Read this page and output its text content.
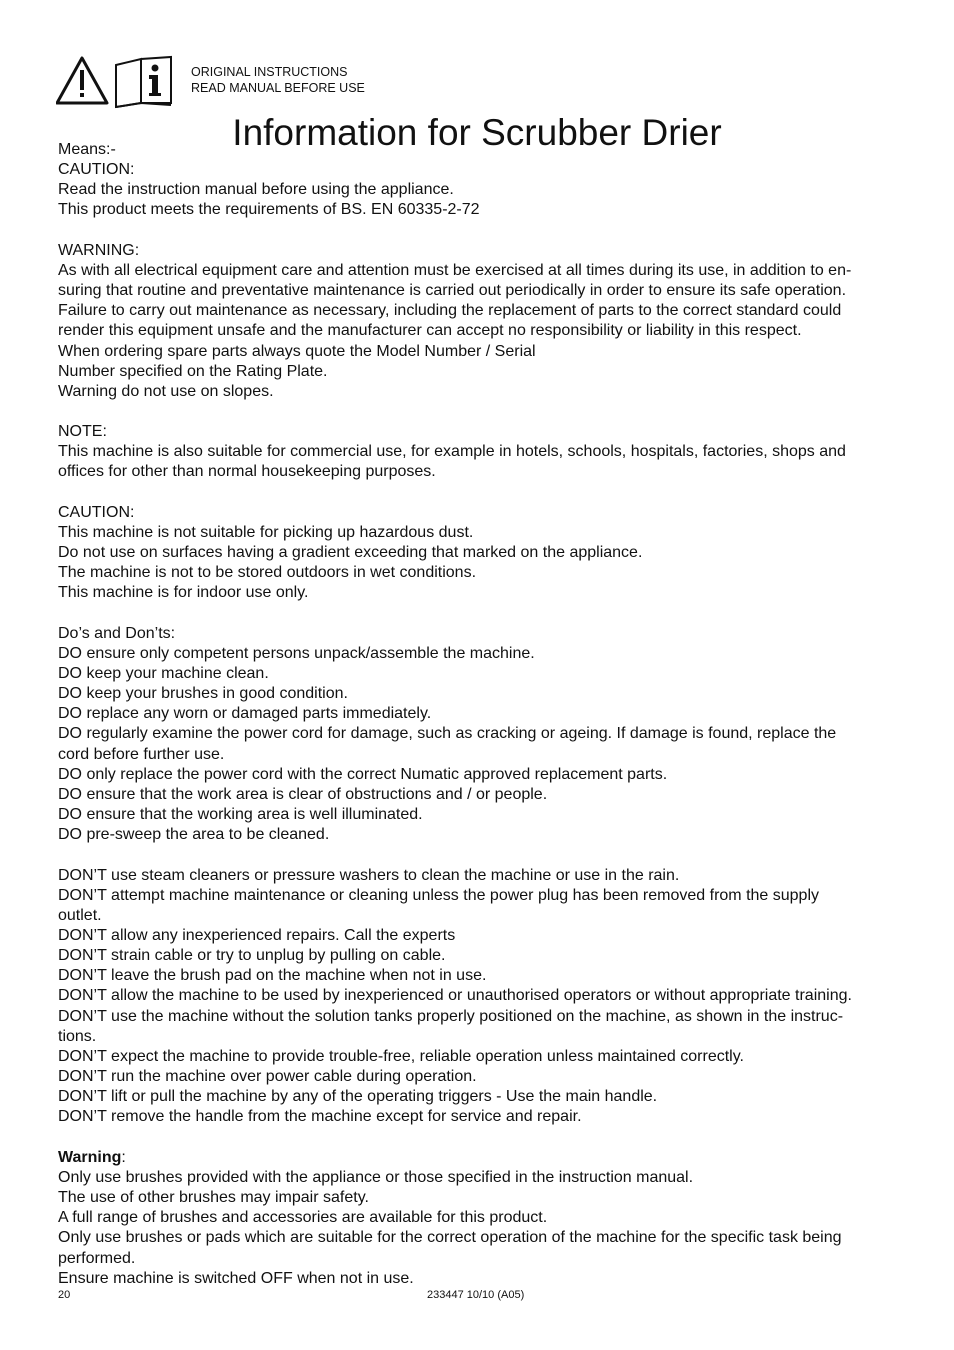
ORIGINAL INSTRUCTIONS
READ MANUAL BEFORE USE
Information for Scrubber Drier
Means:-
CAUTION:
Read the instruction manual before using the appliance.
This product meets the requirements of BS. EN 60335-2-72
WARNING:
As with all electrical equipment care and attention must be exercised at all times during its use, in addition to en-
suring that routine and preventative maintenance is carried out periodically in order to ensure its safe operation.
Failure to carry out maintenance as necessary, including the replacement of parts to the correct standard could
render this equipment unsafe and the manufacturer can accept no responsibility or liability in this respect.
When ordering spare parts always quote the Model Number / Serial
Number specified on the Rating Plate.
Warning do not use on slopes.
NOTE:
This machine is also suitable for commercial use, for example in hotels, schools, hospitals, factories, shops and
offices for other than normal housekeeping purposes.
CAUTION:
This machine is not suitable for picking up hazardous dust.
Do not use on surfaces having a gradient exceeding that marked on the appliance.
The machine is not to be stored outdoors in wet conditions.
This machine is for indoor use only.
Do’s and Don’ts:
DO ensure only competent persons unpack/assemble the machine.
DO keep your machine clean.
DO keep your brushes in good condition.
DO replace any worn or damaged parts immediately.
DO regularly examine the power cord for damage, such as cracking or ageing. If damage is found, replace the
cord before further use.
DO only replace the power cord with the correct Numatic approved replacement parts.
DO ensure that the work area is clear of obstructions and / or people.
DO ensure that the working area is well illuminated.
DO pre-sweep the area to be cleaned.
DON’T use steam cleaners or pressure washers to clean the machine or use in the rain.
DON’T attempt machine maintenance or cleaning unless the power plug has been removed from the supply
outlet.
DON’T allow any inexperienced repairs. Call the experts
DON’T strain cable or try to unplug by pulling on cable.
DON’T leave the brush pad on the machine when not in use.
DON’T allow the machine to be used by inexperienced or unauthorised operators or without appropriate training.
DON’T use the machine without the solution tanks properly positioned on the machine, as shown in the instruc-
tions.
DON’T expect the machine to provide trouble-free, reliable operation unless maintained correctly.
DON’T run the machine over power cable during operation.
DON’T lift or pull the machine by any of the operating triggers - Use the main handle.
DON’T remove the handle from the machine except for service and repair.
Warning:
Only use brushes provided with the appliance or those specified in the instruction manual.
The use of other brushes may impair safety.
A full range of brushes and accessories are available for this product.
Only use brushes or pads which are suitable for the correct operation of the machine for the specific task being
performed.
Ensure machine is switched OFF when not in use.
20	233447 10/10 (A05)
